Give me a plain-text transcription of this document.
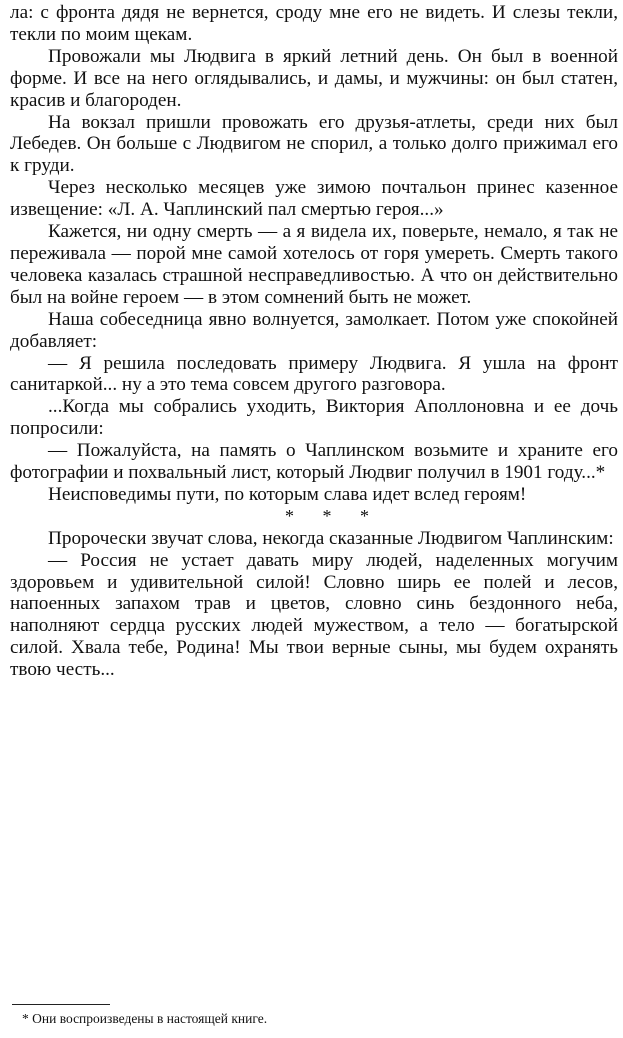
ла: с фронта дядя не вернется, сроду мне его не видеть. И слезы текли, текли по моим щекам.

Провожали мы Людвига в яркий летний день. Он был в военной форме. И все на него оглядывались, и дамы, и мужчины: он был статен, красив и благороден.

На вокзал пришли провожать его друзья-атлеты, среди них был Лебедев. Он больше с Людвигом не спорил, а только долго прижимал его к груди.

Через несколько месяцев уже зимою почтальон принес казенное извещение: «Л. А. Чаплинский пал смертью героя...»

Кажется, ни одну смерть — а я видела их, поверьте, немало, я так не переживала — порой мне самой хотелось от горя умереть. Смерть такого человека казалась страшной несправедливостью. А что он действительно был на войне героем — в этом сомнений быть не может.

Наша собеседница явно волнуется, замолкает. Потом уже спокойней добавляет:

— Я решила последовать примеру Людвига. Я ушла на фронт санитаркой... ну а это тема совсем другого разговора.

...Когда мы собрались уходить, Виктория Аполлоновна и ее дочь попросили:

— Пожалуйста, на память о Чаплинском возьмите и храните его фотографии и похвальный лист, который Людвиг получил в 1901 году...*

Неисповедимы пути, по которым слава идет вслед героям!

* * *

Пророчески звучат слова, некогда сказанные Людвигом Чаплинским:

— Россия не устает давать миру людей, наделенных могучим здоровьем и удивительной силой! Словно ширь ее полей и лесов, напоенных запахом трав и цветов, словно синь бездонного неба, наполняют сердца русских людей мужеством, а тело — богатырской силой. Хвала тебе, Родина! Мы твои верные сыны, мы будем охранять твою честь...

* Они воспроизведены в настоящей книге.
